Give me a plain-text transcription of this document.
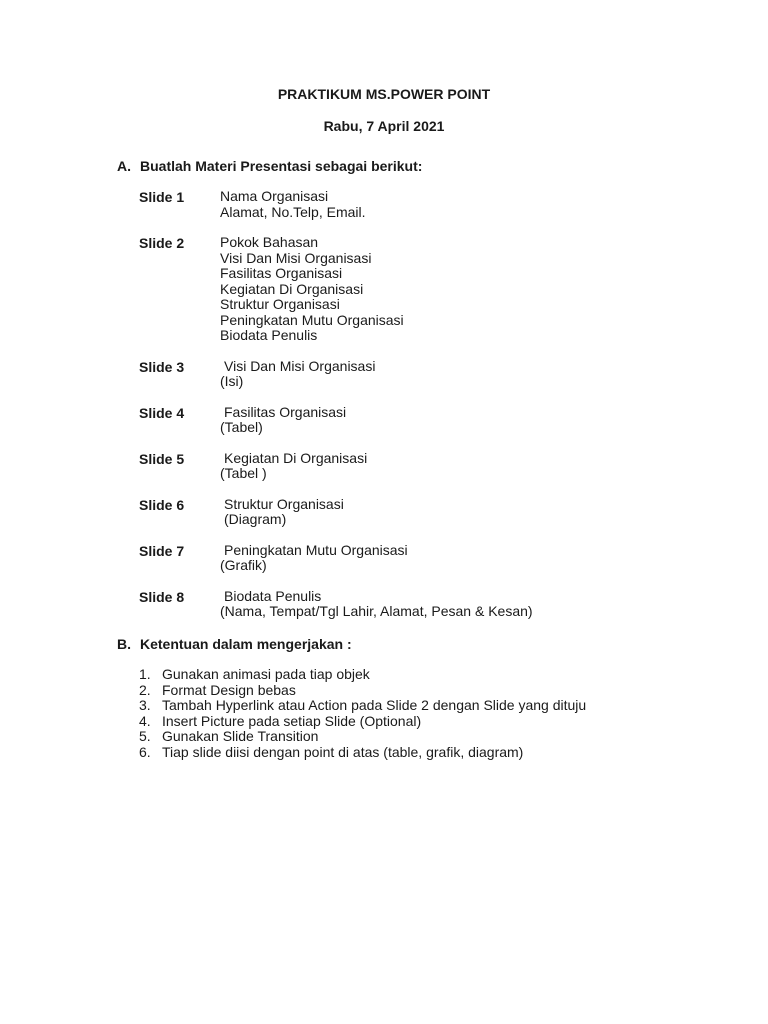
PRAKTIKUM MS.POWER POINT
Rabu, 7 April 2021
A. Buatlah Materi Presentasi sebagai berikut:
Slide 1	Nama Organisasi
Alamat, No.Telp, Email.
Slide 2	Pokok Bahasan
Visi Dan Misi Organisasi
Fasilitas Organisasi
Kegiatan Di Organisasi
Struktur Organisasi
Peningkatan Mutu Organisasi
Biodata Penulis
Slide 3	Visi Dan Misi Organisasi
(Isi)
Slide 4	Fasilitas Organisasi
(Tabel)
Slide 5	Kegiatan Di Organisasi
(Tabel )
Slide 6	Struktur Organisasi
(Diagram)
Slide 7	Peningkatan Mutu Organisasi
(Grafik)
Slide 8	Biodata Penulis
(Nama, Tempat/Tgl Lahir, Alamat, Pesan & Kesan)
B. Ketentuan dalam mengerjakan :
1. Gunakan animasi pada tiap objek
2. Format Design bebas
3. Tambah Hyperlink atau Action pada Slide 2 dengan Slide yang dituju
4. Insert Picture pada setiap Slide (Optional)
5. Gunakan Slide Transition
6. Tiap slide diisi dengan point di atas (table, grafik, diagram)
